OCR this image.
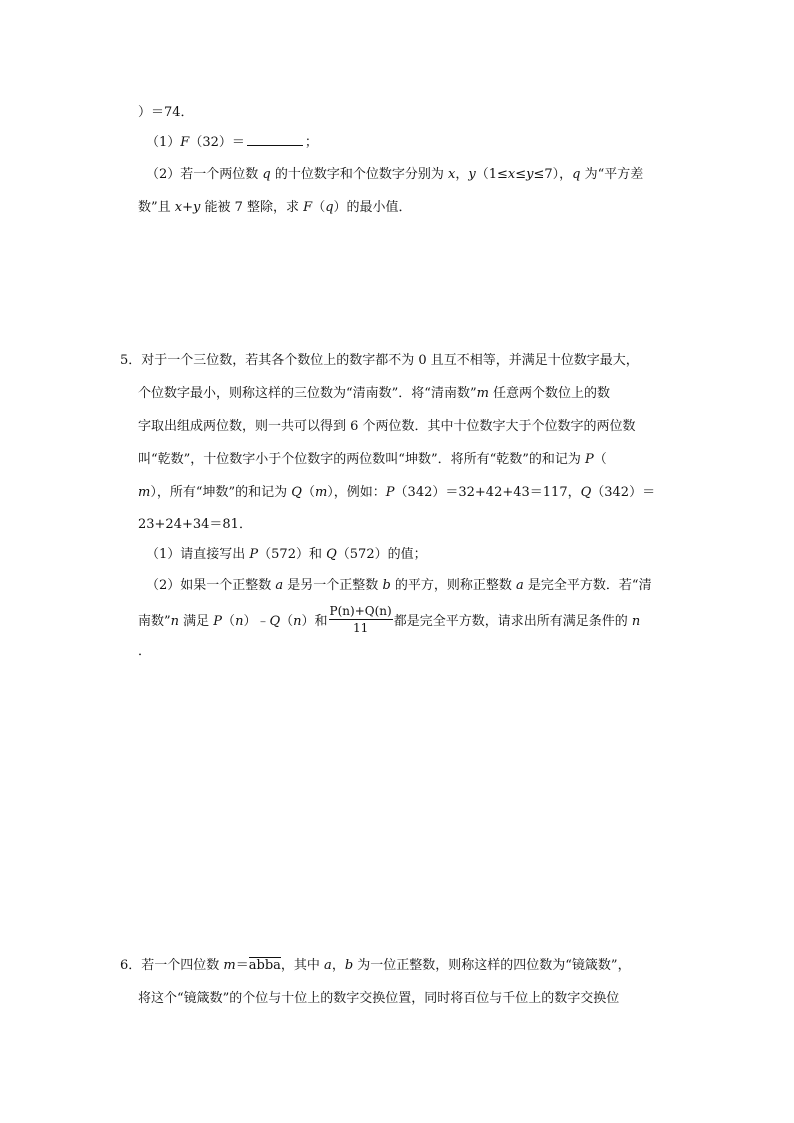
）＝74．
（1）F（32）＝	；
（2）若一个两位数 q 的十位数字和个位数字分别为 x，y（1≤x≤y≤7），q 为“平方差
数”且 x+y 能被 7 整除，求 F（q）的最小值．
5．对于一个三位数，若其各个数位上的数字都不为 0 且互不相等，并满足十位数字最大，
个位数字最小，则称这样的三位数为“清南数”．将“清南数”m 任意两个数位上的数
字取出组成两位数，则一共可以得到 6 个两位数．其中十位数字大于个位数字的两位数
叫“乾数”，十位数字小于个位数字的两位数叫“坤数”．将所有“乾数”的和记为 P（
m），所有“坤数”的和记为 Q（m），例如：P（342）＝32+42+43＝117，Q（342）＝
23+24+34＝81．
（1）请直接写出 P（572）和 Q（572）的值；
（2）如果一个正整数 a 是另一个正整数 b 的平方，则称正整数 a 是完全平方数．若“清
南数”n 满足 P（n）﹣Q（n）和 $\frac{P(n)+Q(n)}{11}$ 都是完全平方数，请求出所有满足条件的 n
．
6．若一个四位数 m＝abba，其中 a，b 为一位正整数，则称这样的四位数为“镜箴数”，
将这个“镜箴数”的个位与十位上的数字交换位置，同时将百位与千位上的数字交换位
